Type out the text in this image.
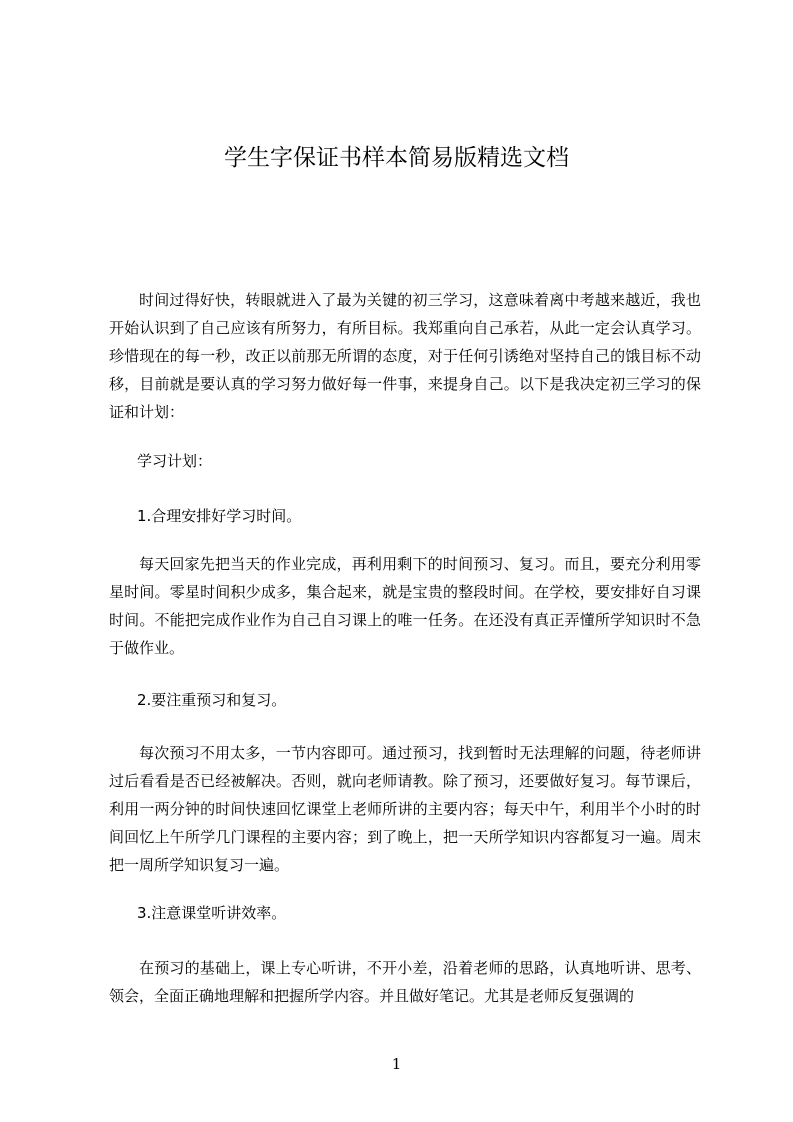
学生字保证书样本简易版精选文档
时间过得好快，转眼就进入了最为关键的初三学习，这意味着离中考越来越近，我也开始认识到了自己应该有所努力，有所目标。我郑重向自己承若，从此一定会认真学习。珍惜现在的每一秒，改正以前那无所谓的态度，对于任何引诱绝对坚持自己的饿目标不动移，目前就是要认真的学习努力做好每一件事，来提身自己。以下是我决定初三学习的保证和计划：
学习计划：
1.合理安排好学习时间。
每天回家先把当天的作业完成，再利用剩下的时间预习、复习。而且，要充分利用零星时间。零星时间积少成多，集合起来，就是宝贵的整段时间。在学校，要安排好自习课时间。不能把完成作业作为自己自习课上的唯一任务。在还没有真正弄懂所学知识时不急于做作业。
2.要注重预习和复习。
每次预习不用太多，一节内容即可。通过预习，找到暂时无法理解的问题，待老师讲过后看看是否已经被解决。否则，就向老师请教。除了预习，还要做好复习。每节课后，利用一两分钟的时间快速回忆课堂上老师所讲的主要内容；每天中午，利用半个小时的时间回忆上午所学几门课程的主要内容；到了晚上，把一天所学知识内容都复习一遍。周末把一周所学知识复习一遍。
3.注意课堂听讲效率。
在预习的基础上，课上专心听讲，不开小差，沿着老师的思路，认真地听讲、思考、领会，全面正确地理解和把握所学内容。并且做好笔记。尤其是老师反复强调的
1
